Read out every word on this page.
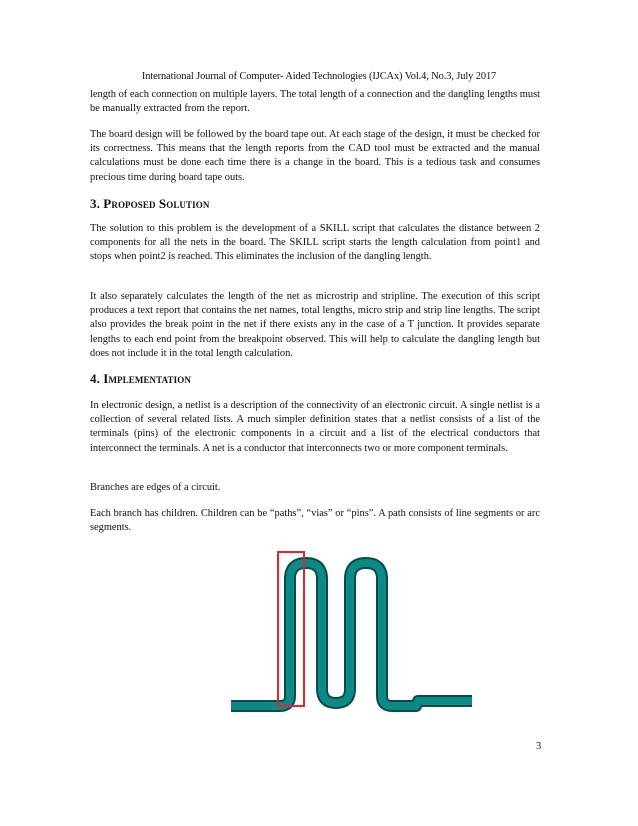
International Journal of Computer- Aided Technologies (IJCAx) Vol.4, No.3, July 2017

length of each connection on multiple layers. The total length of a connection and the dangling lengths must be manually extracted from the report.

The board design will be followed by the board tape out. At each stage of the design, it must be checked for its correctness. This means that the length reports from the CAD tool must be extracted and the manual calculations must be done each time there is a change in the board. This is a tedious task and consumes precious time during board tape outs.

3. Proposed Solution

The solution to this problem is the development of a SKILL script that calculates the distance between 2 components for all the nets in the board. The SKILL script starts the length calculation from point1 and stops when point2 is reached. This eliminates the inclusion of the dangling length.

It also separately calculates the length of the net as microstrip and stripline. The execution of this script produces a text report that contains the net names, total lengths, micro strip and strip line lengths. The script also provides the break point in the net if there exists any in the case of a T junction. It provides separate lengths to each end point from the breakpoint observed. This will help to calculate the dangling length but does not include it in the total length calculation.

4. Implementation

In electronic design, a netlist is a description of the connectivity of an electronic circuit. A single netlist is a collection of several related lists. A much simpler definition states that a netlist consists of a list of the terminals (pins) of the electronic components in a circuit and a list of the electrical conductors that interconnect the terminals. A net is a conductor that interconnects two or more component terminals.

Branches are edges of a circuit.

Each branch has children. Children can be “paths”, “vias” or “pins”. A path consists of line segments or arc segments.

3
